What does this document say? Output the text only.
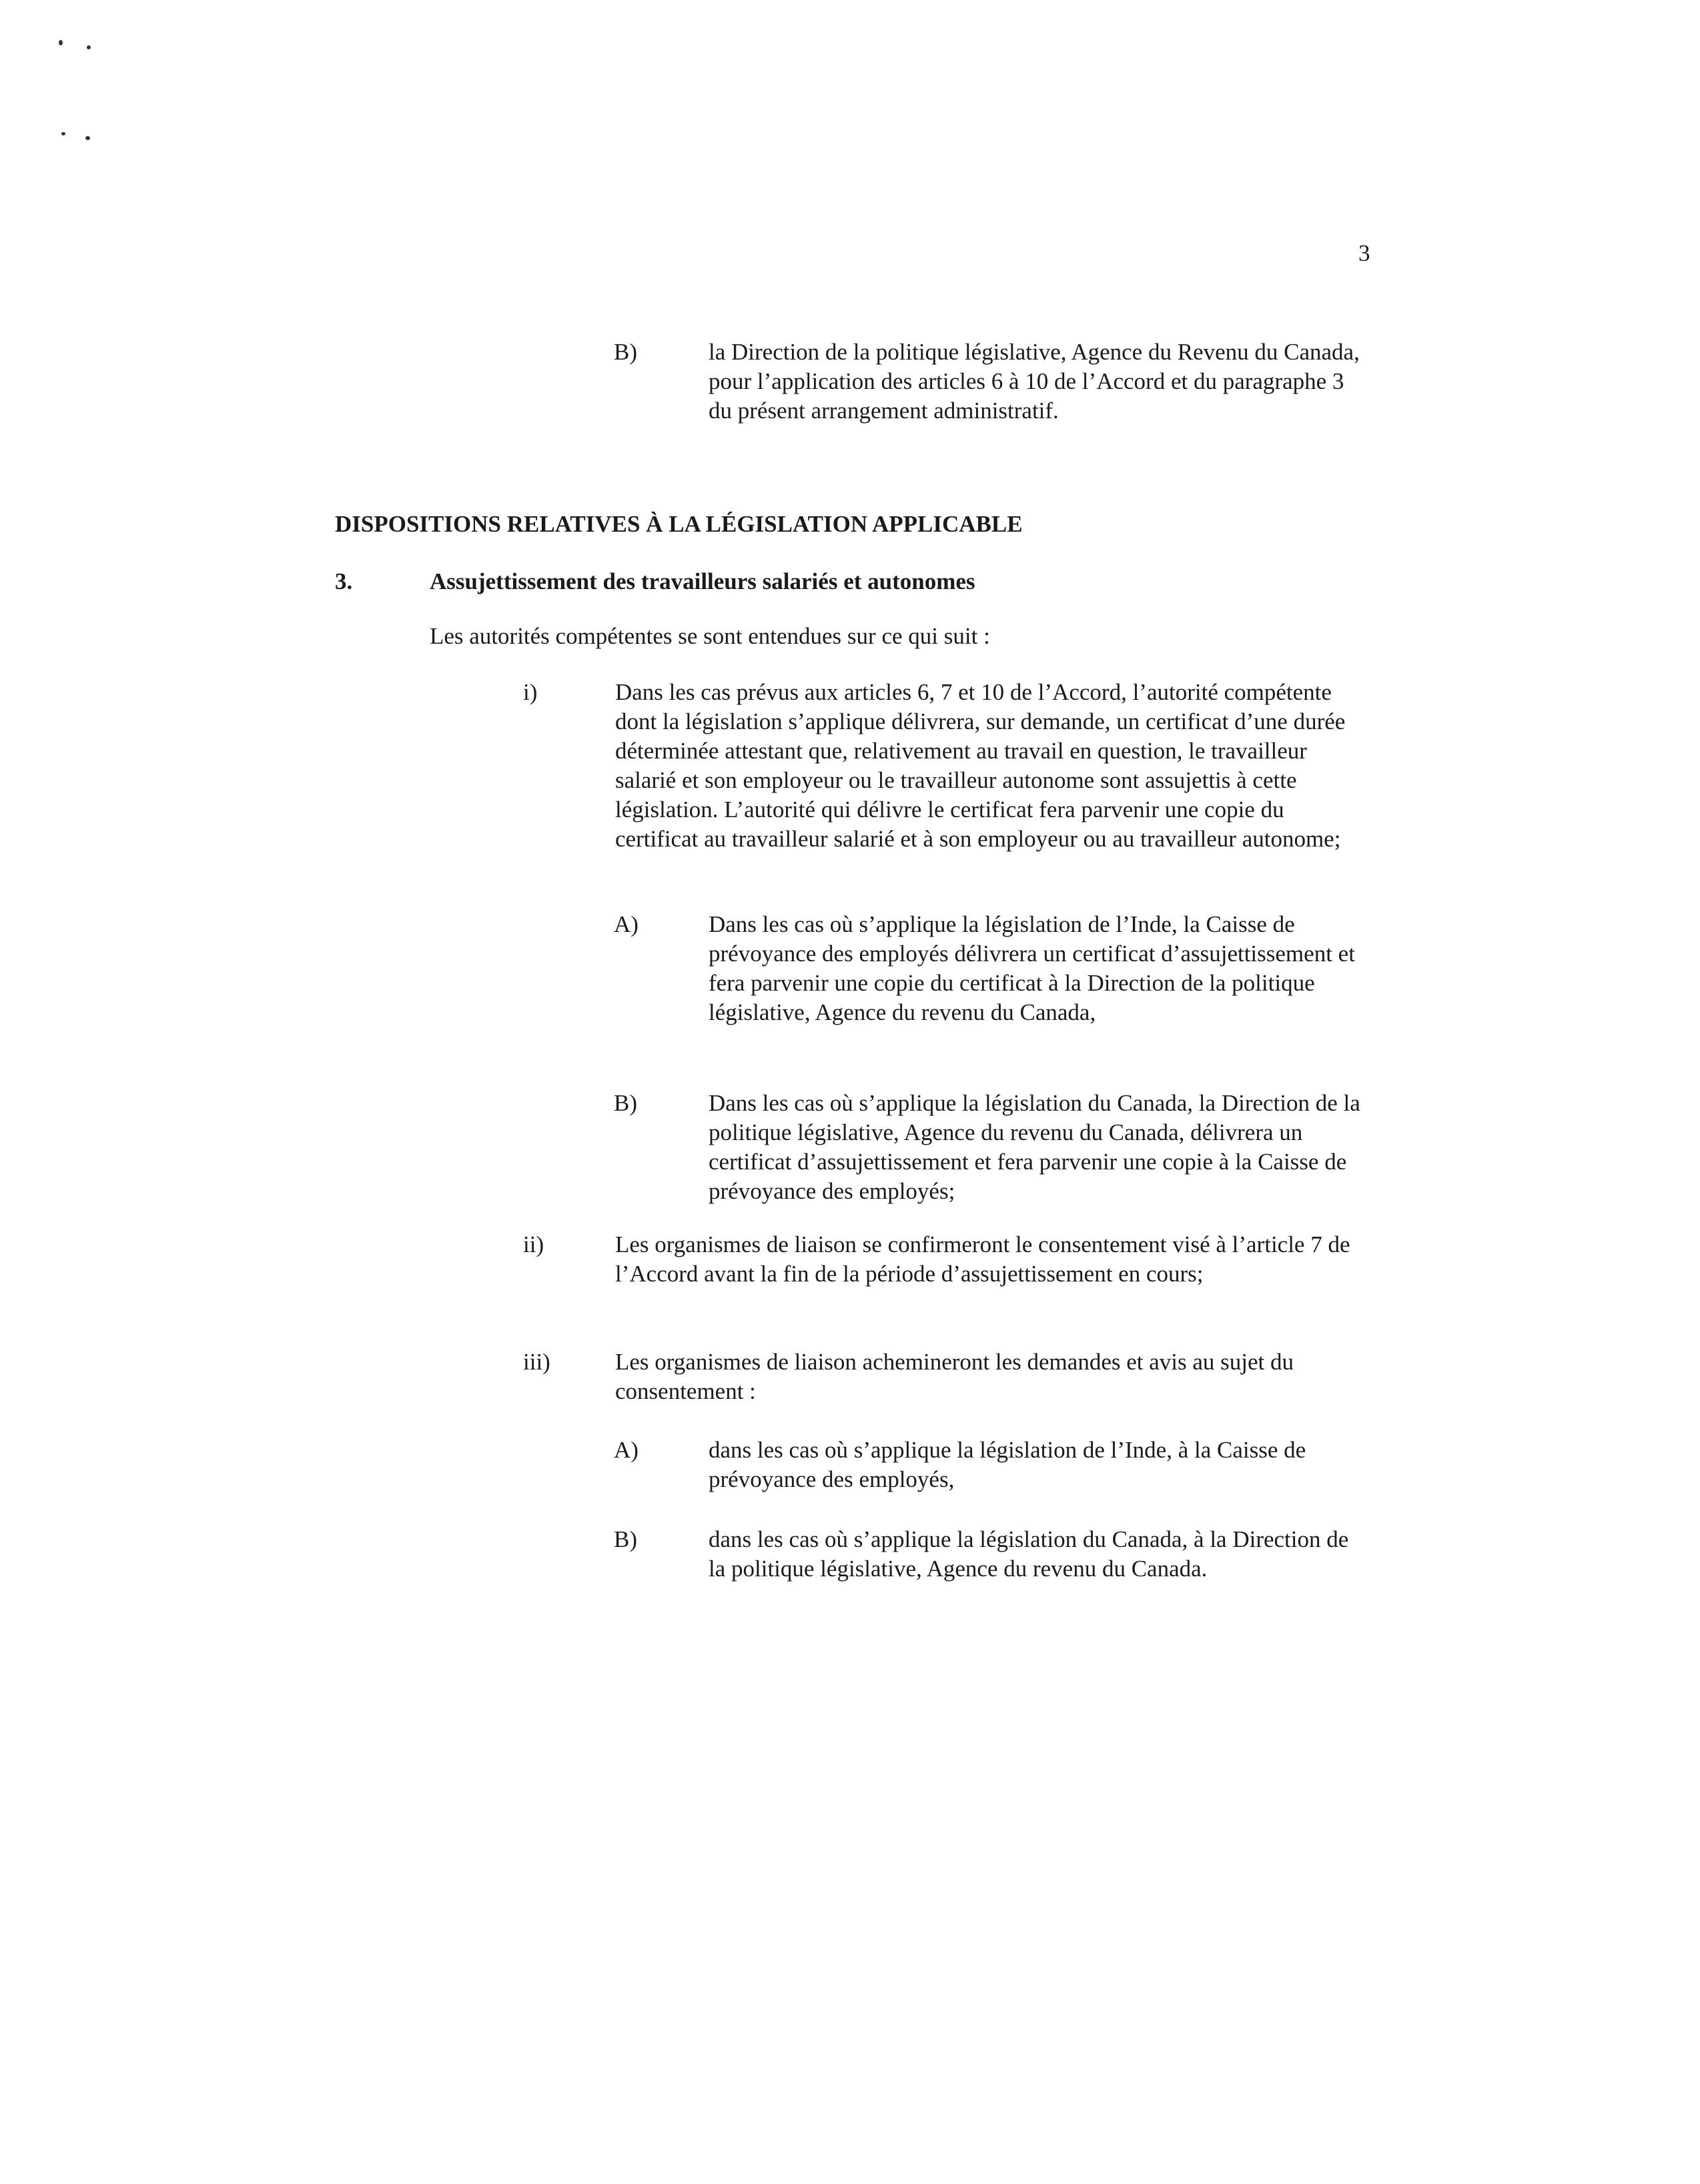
3
B)	la Direction de la politique législative, Agence du Revenu du Canada, pour l’application des articles 6 à 10 de l’Accord et du paragraphe 3 du présent arrangement administratif.

DISPOSITIONS RELATIVES À LA LÉGISLATION APPLICABLE
3.	Assujettissement des travailleurs salariés et autonomes

Les autorités compétentes se sont entendues sur ce qui suit :

i)	Dans les cas prévus aux articles 6, 7 et 10 de l’Accord, l’autorité compétente dont la législation s’applique délivrera, sur demande, un certificat d’une durée déterminée attestant que, relativement au travail en question, le travailleur salarié et son employeur ou le travailleur autonome sont assujettis à cette législation. L’autorité qui délivre le certificat fera parvenir une copie du certificat au travailleur salarié et à son employeur ou au travailleur autonome;

A)	Dans les cas où s’applique la législation de l’Inde, la Caisse de prévoyance des employés délivrera un certificat d’assujettissement et fera parvenir une copie du certificat à la Direction de la politique législative, Agence du revenu du Canada,

B)	Dans les cas où s’applique la législation du Canada, la Direction de la politique législative, Agence du revenu du Canada, délivrera un certificat d’assujettissement et fera parvenir une copie à la Caisse de prévoyance des employés;

ii)	Les organismes de liaison se confirmeront le consentement visé à l’article 7 de l’Accord avant la fin de la période d’assujettissement en cours;

iii)	Les organismes de liaison achemineront les demandes et avis au sujet du consentement :

A)	dans les cas où s’applique la législation de l’Inde, à la Caisse de prévoyance des employés,

B)	dans les cas où s’applique la législation du Canada, à la Direction de la politique législative, Agence du revenu du Canada.
